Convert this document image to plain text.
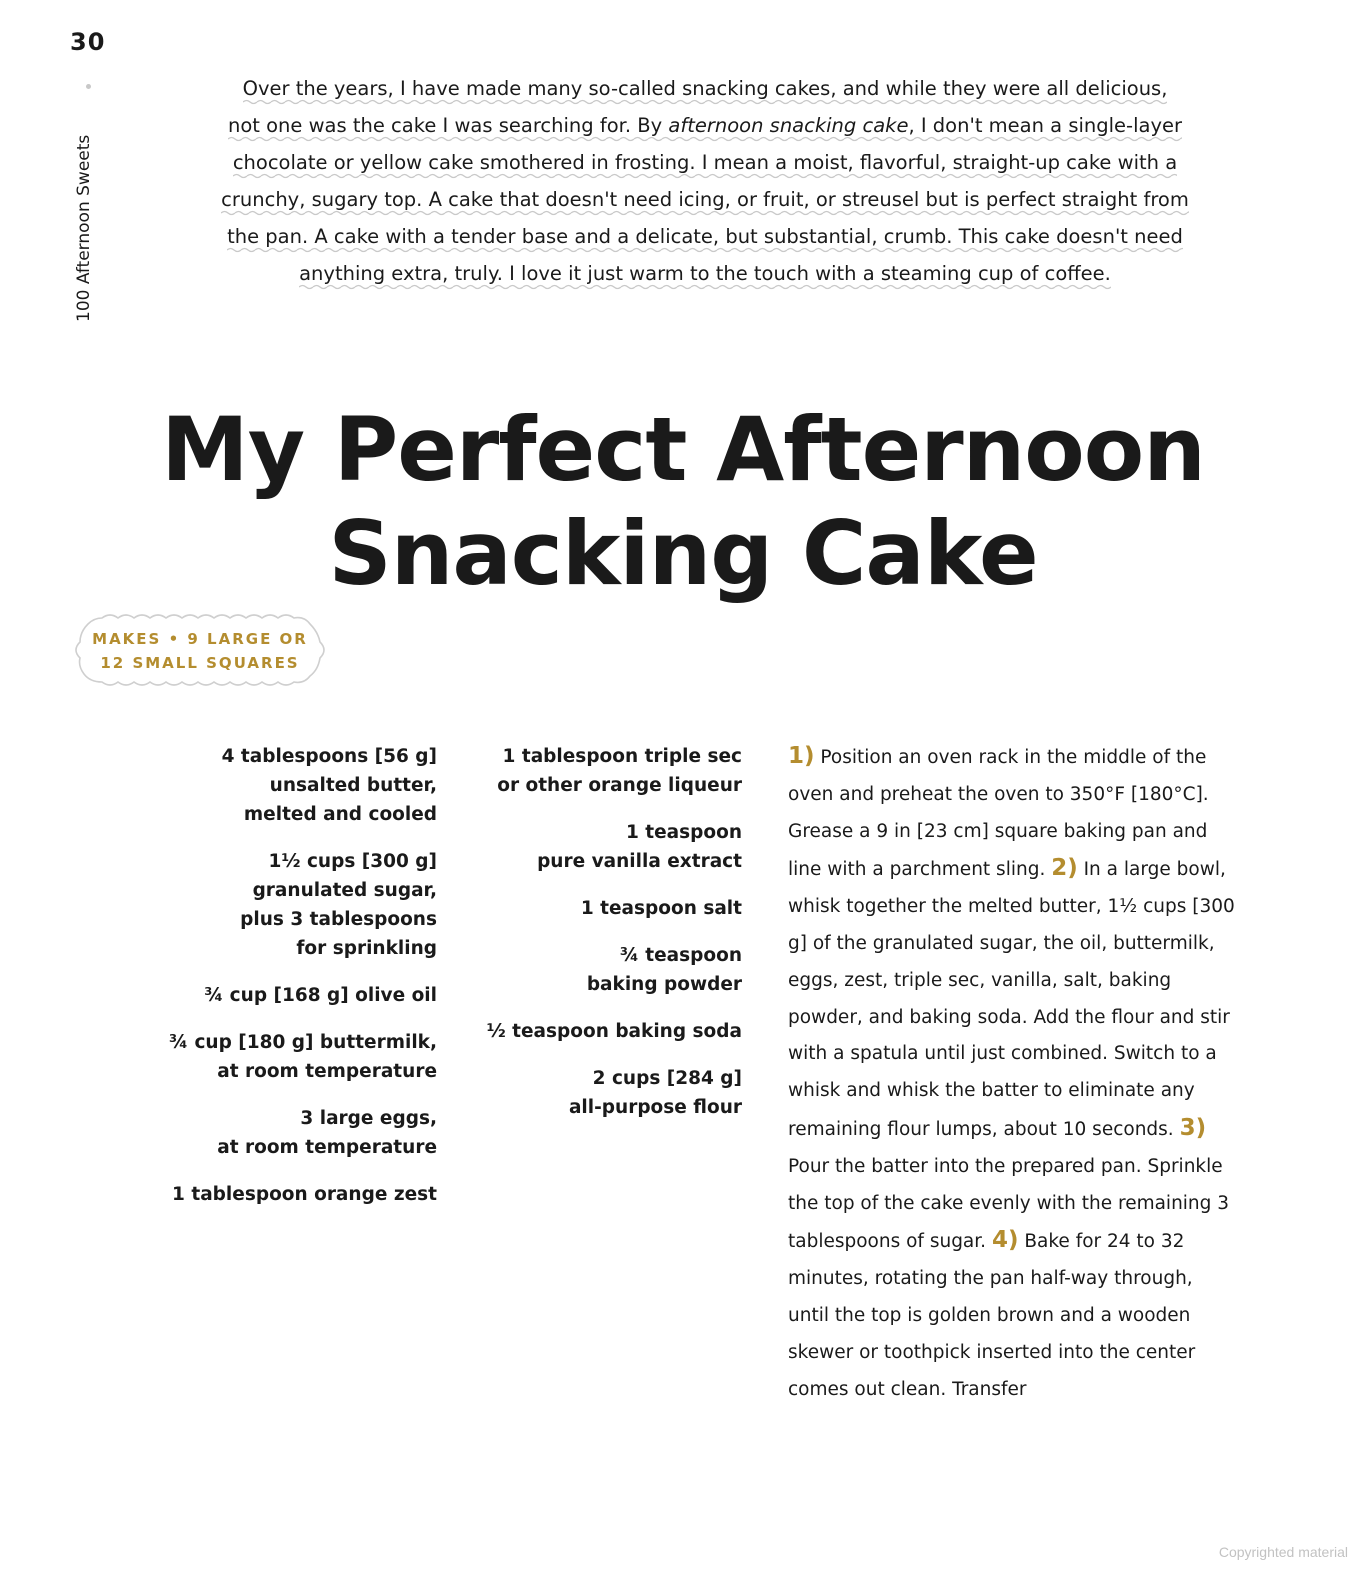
30
100 Afternoon Sweets
Over the years, I have made many so-called snacking cakes, and while they were all delicious,
not one was the cake I was searching for. By afternoon snacking cake, I don't mean a single-layer
chocolate or yellow cake smothered in frosting. I mean a moist, flavorful, straight-up cake with a
crunchy, sugary top. A cake that doesn't need icing, or fruit, or streusel but is perfect straight from
the pan. A cake with a tender base and a delicate, but substantial, crumb. This cake doesn't need
anything extra, truly. I love it just warm to the touch with a steaming cup of coffee.
My Perfect Afternoon
Snacking Cake
MAKES • 9 LARGE OR
12 SMALL SQUARES
4 tablespoons [56 g]
unsalted butter,
melted and cooled
1½ cups [300 g]
granulated sugar,
plus 3 tablespoons
for sprinkling
¾ cup [168 g] olive oil
¾ cup [180 g] buttermilk,
at room temperature
3 large eggs,
at room temperature
1 tablespoon orange zest
1 tablespoon triple sec
or other orange liqueur
1 teaspoon
pure vanilla extract
1 teaspoon salt
¾ teaspoon
baking powder
½ teaspoon baking soda
2 cups [284 g]
all-purpose flour
1) Position an oven rack in the middle of the oven and preheat the oven to 350°F [180°C]. Grease a 9 in [23 cm] square baking pan and line with a parchment sling. 2) In a large bowl, whisk together the melted butter, 1½ cups [300 g] of the granulated sugar, the oil, buttermilk, eggs, zest, triple sec, vanilla, salt, baking powder, and baking soda. Add the flour and stir with a spatula until just combined. Switch to a whisk and whisk the batter to eliminate any remaining flour lumps, about 10 seconds. 3) Pour the batter into the prepared pan. Sprinkle the top of the cake evenly with the remaining 3 tablespoons of sugar. 4) Bake for 24 to 32 minutes, rotating the pan half-way through, until the top is golden brown and a wooden skewer or toothpick inserted into the center comes out clean. Transfer
Copyrighted material
